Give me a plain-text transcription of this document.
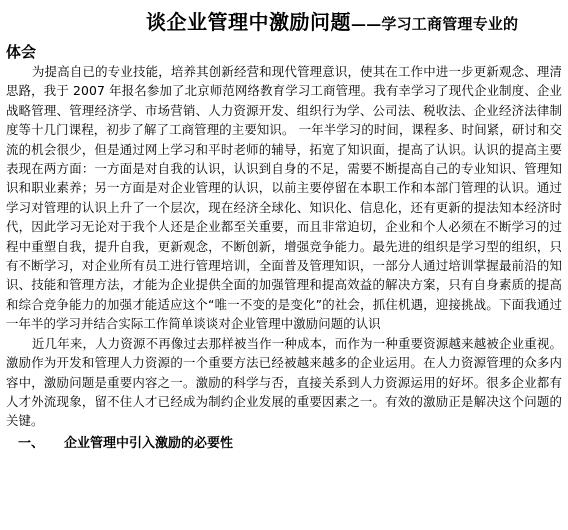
谈企业管理中激励问题——学习工商管理专业的
体会

为提高自已的专业技能，培养其创新经营和现代管理意识，使其在工作中进一步更新观念、理清思路，我于 2007 年报名参加了北京师范网络教育学习工商管理。我有幸学习了现代企业制度、企业战略管理、管理经济学、市场营销、人力资源开发、组织行为学、公司法、税收法、企业经济法律制度等十几门课程，初步了解了工商管理的主要知识。 一年半学习的时间，课程多、时间紧，研讨和交流的机会很少，但是通过网上学习和平时老师的辅导，拓宽了知识面，提高了认识。认识的提高主要表现在两方面：一方面是对自我的认识，认识到自身的不足，需要不断提高自己的专业知识、管理知识和职业素养；另一方面是对企业管理的认识，以前主要停留在本职工作和本部门管理的认识。通过学习对管理的认识上升了一个层次，现在经济全球化、知识化、信息化，还有更新的提法知本经济时代，因此学习无论对于我个人还是企业都至关重要，而且非常迫切，企业和个人必须在不断学习的过程中重塑自我，提升自我，更新观念，不断创新，增强竞争能力。最先进的组织是学习型的组织，只有不断学习，对企业所有员工进行管理培训，全面普及管理知识，一部分人通过培训掌握最前沿的知识、技能和管理方法，才能为企业提供全面的加强管理和提高效益的解决方案，只有自身素质的提高和综合竞争能力的加强才能适应这个“唯一不变的是变化”的社会，抓住机遇，迎接挑战。下面我通过一年半的学习并结合实际工作简单谈谈对企业管理中激励问题的认识

近几年来，人力资源不再像过去那样被当作一种成本，而作为一种重要资源越来越被企业重视。激励作为开发和管理人力资源的一个重要方法已经被越来越多的企业运用。在人力资源管理的众多内容中，激励问题是重要内容之一。激励的科学与否，直接关系到人力资源运用的好坏。很多企业都有人才外流现象，留不住人才已经成为制约企业发展的重要因素之一。有效的激励正是解决这个问题的关键。

一、 企业管理中引入激励的必要性
